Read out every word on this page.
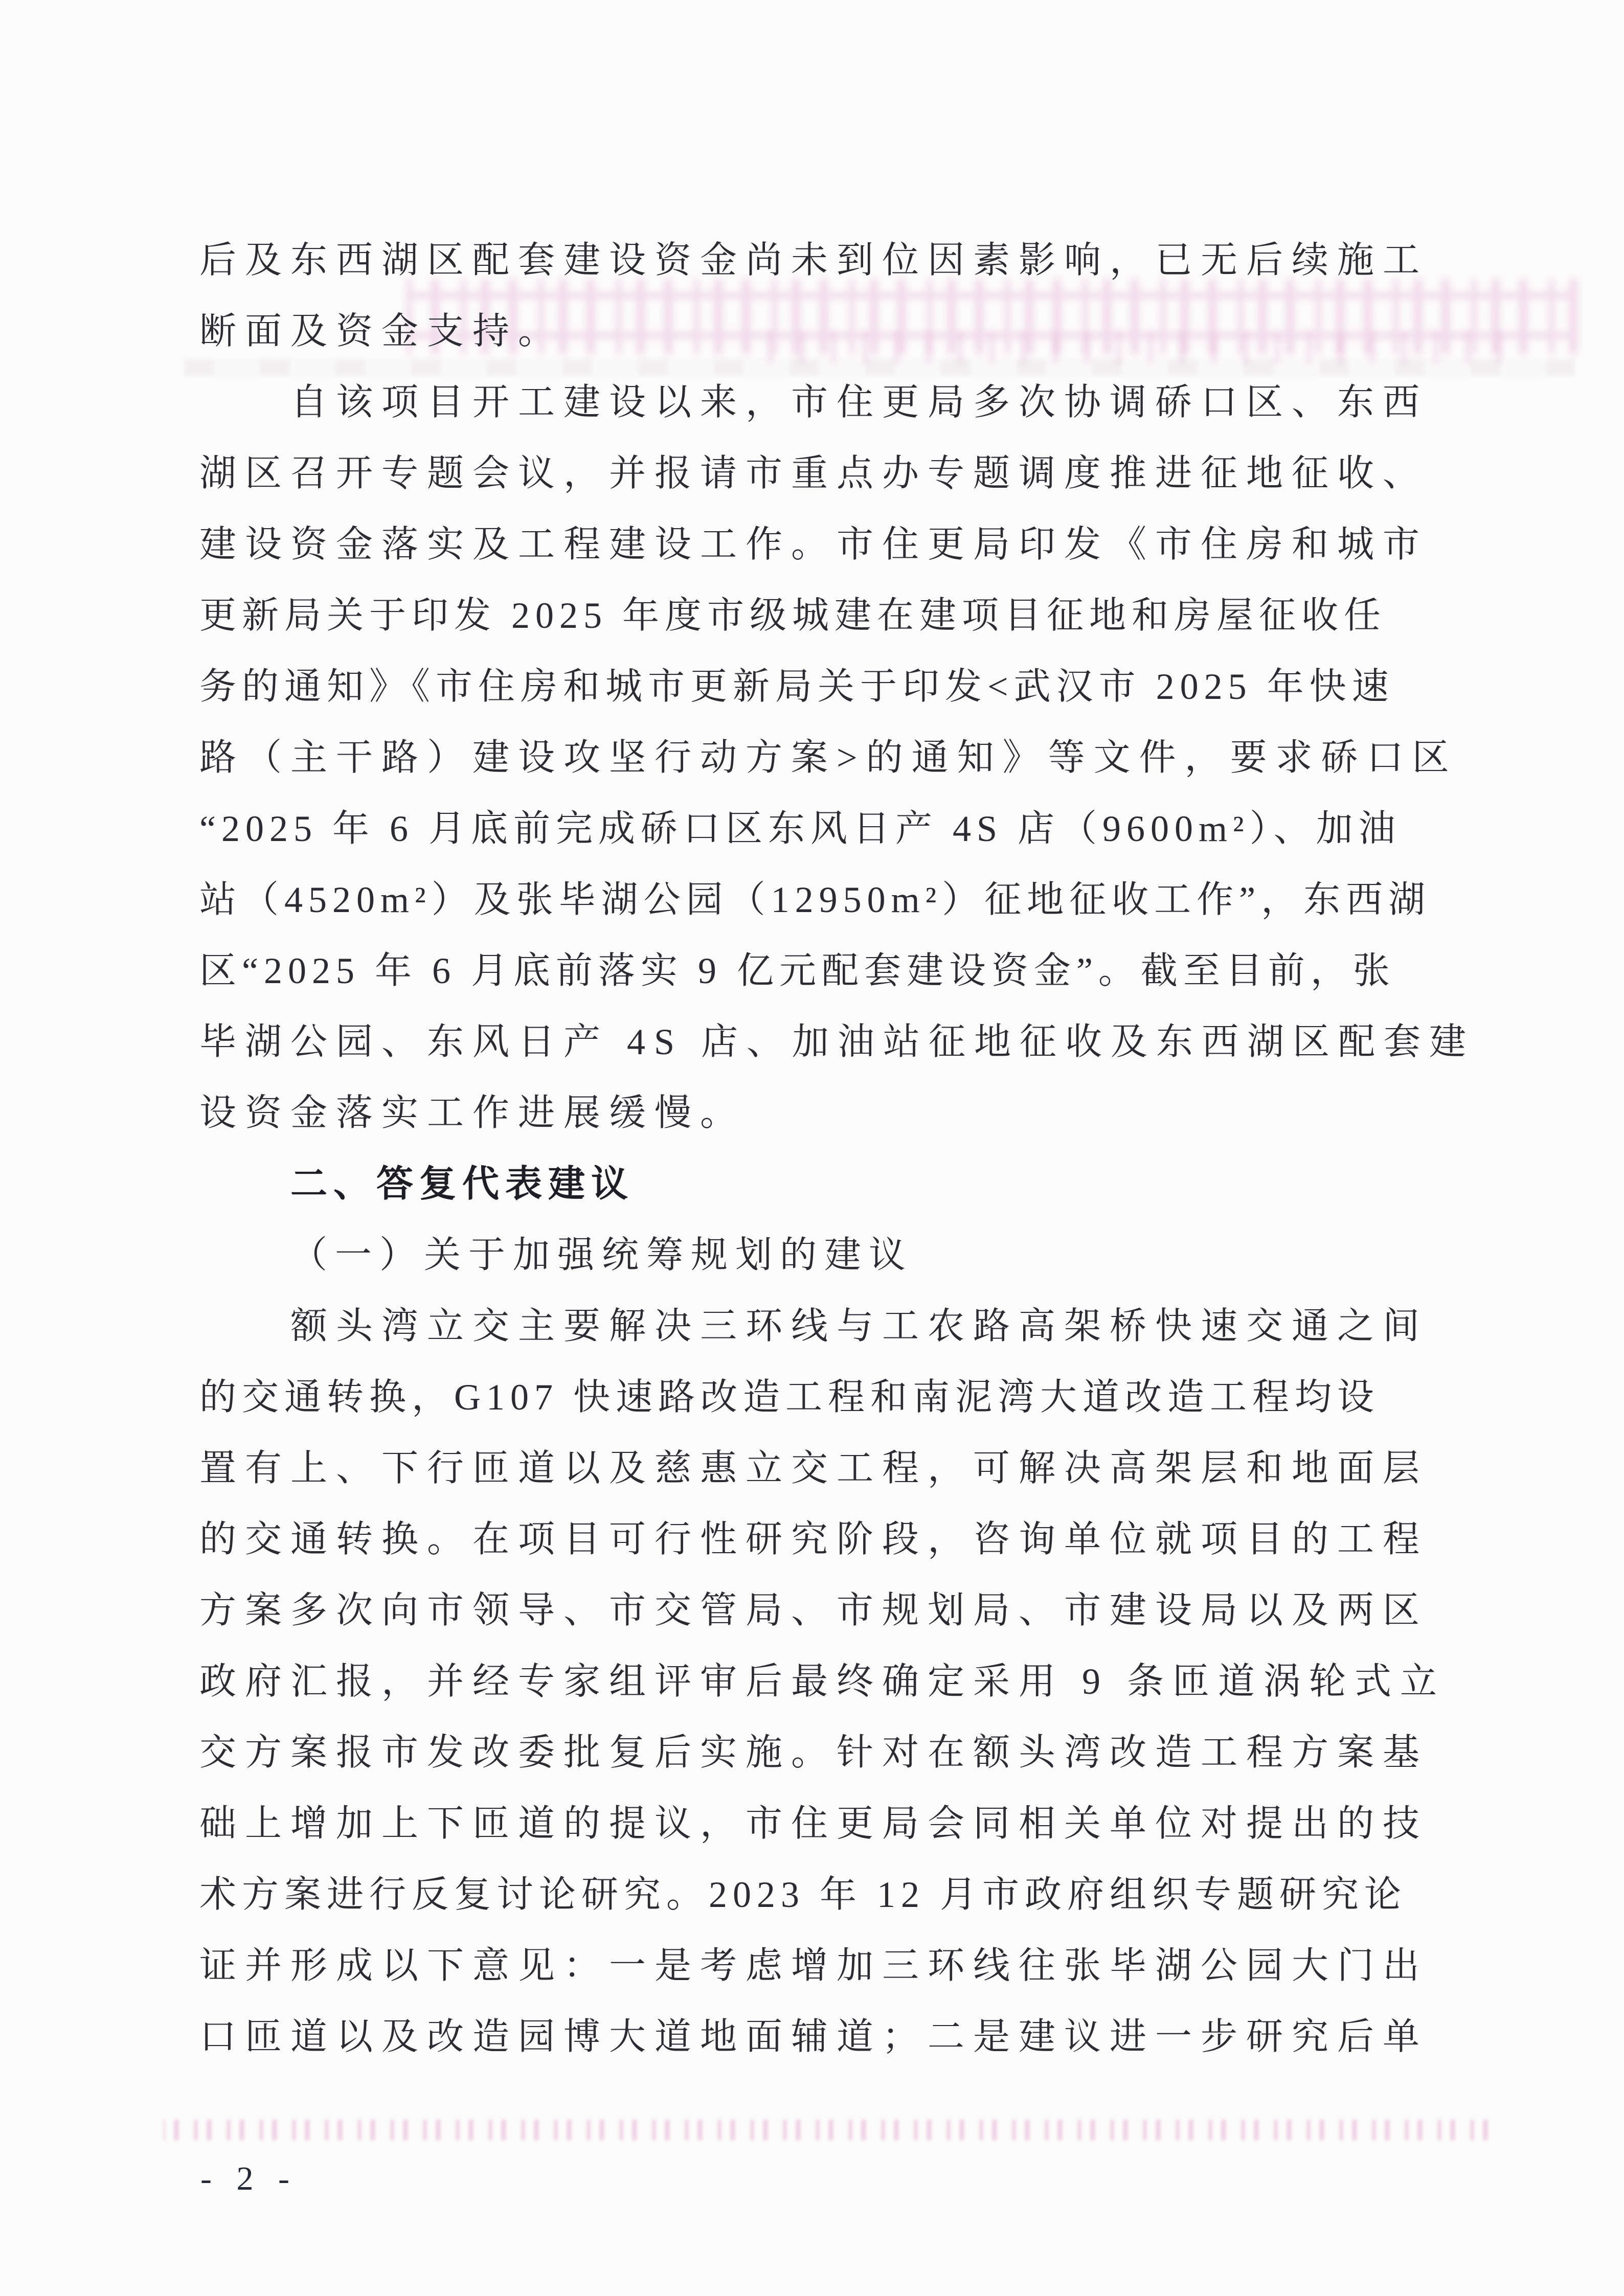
后及东西湖区配套建设资金尚未到位因素影响，已无后续施工
断面及资金支持。
自该项目开工建设以来，市住更局多次协调硚口区、东西
湖区召开专题会议，并报请市重点办专题调度推进征地征收、
建设资金落实及工程建设工作。市住更局印发《市住房和城市
更新局关于印发 2025 年度市级城建在建项目征地和房屋征收任
务的通知》《市住房和城市更新局关于印发<武汉市 2025 年快速
路（主干路）建设攻坚行动方案>的通知》等文件，要求硚口区
“2025 年 6 月底前完成硚口区东风日产 4S 店（9600m²）、加油
站（4520m²）及张毕湖公园（12950m²）征地征收工作”，东西湖
区“2025 年 6 月底前落实 9 亿元配套建设资金”。截至目前，张
毕湖公园、东风日产 4S 店、加油站征地征收及东西湖区配套建
设资金落实工作进展缓慢。
二、答复代表建议
（一）关于加强统筹规划的建议
额头湾立交主要解决三环线与工农路高架桥快速交通之间
的交通转换，G107 快速路改造工程和南泥湾大道改造工程均设
置有上、下行匝道以及慈惠立交工程，可解决高架层和地面层
的交通转换。在项目可行性研究阶段，咨询单位就项目的工程
方案多次向市领导、市交管局、市规划局、市建设局以及两区
政府汇报，并经专家组评审后最终确定采用 9 条匝道涡轮式立
交方案报市发改委批复后实施。针对在额头湾改造工程方案基
础上增加上下匝道的提议，市住更局会同相关单位对提出的技
术方案进行反复讨论研究。2023 年 12 月市政府组织专题研究论
证并形成以下意见：一是考虑增加三环线往张毕湖公园大门出
口匝道以及改造园博大道地面辅道；二是建议进一步研究后单
- 2 -
